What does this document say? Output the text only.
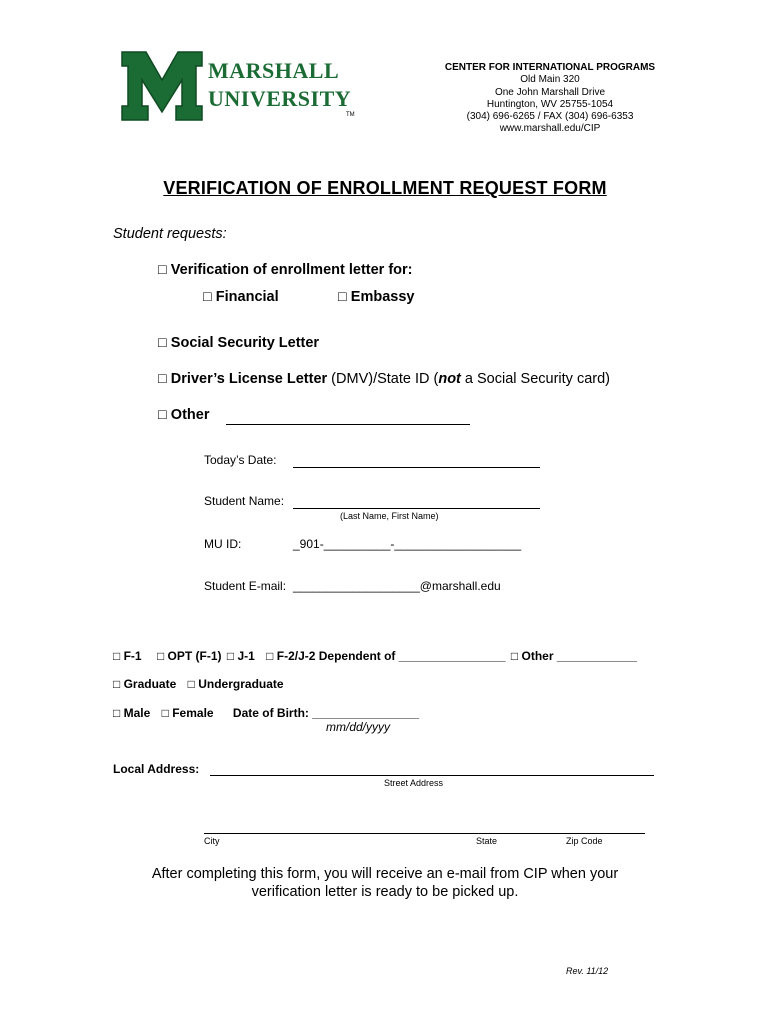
MARSHALL
UNIVERSITY
TM
CENTER FOR INTERNATIONAL PROGRAMS
Old Main 320
One John Marshall Drive
Huntington, WV 25755-1054
(304) 696-6265 / FAX (304) 696-6353
www.marshall.edu/CIP
VERIFICATION OF ENROLLMENT REQUEST FORM
Student requests:
□ Verification of enrollment letter for:
□ Financial	□ Embassy
□ Social Security Letter
□ Driver’s License Letter (DMV)/State ID (not a Social Security card)
□ Other
Today’s Date:
Student Name:
(Last Name, First Name)
MU ID:	_901-__________-___________________
Student E-mail: ___________________@marshall.edu
□ F-1 □ OPT (F-1) □ J-1 □ F-2/J-2 Dependent of ________________ □ Other ____________
□ Graduate □ Undergraduate
□ Male □ Female Date of Birth: ________________
mm/dd/yyyy
Local Address:
Street Address
City	State	Zip Code
After completing this form, you will receive an e-mail from CIP when your
verification letter is ready to be picked up.
Rev. 11/12
